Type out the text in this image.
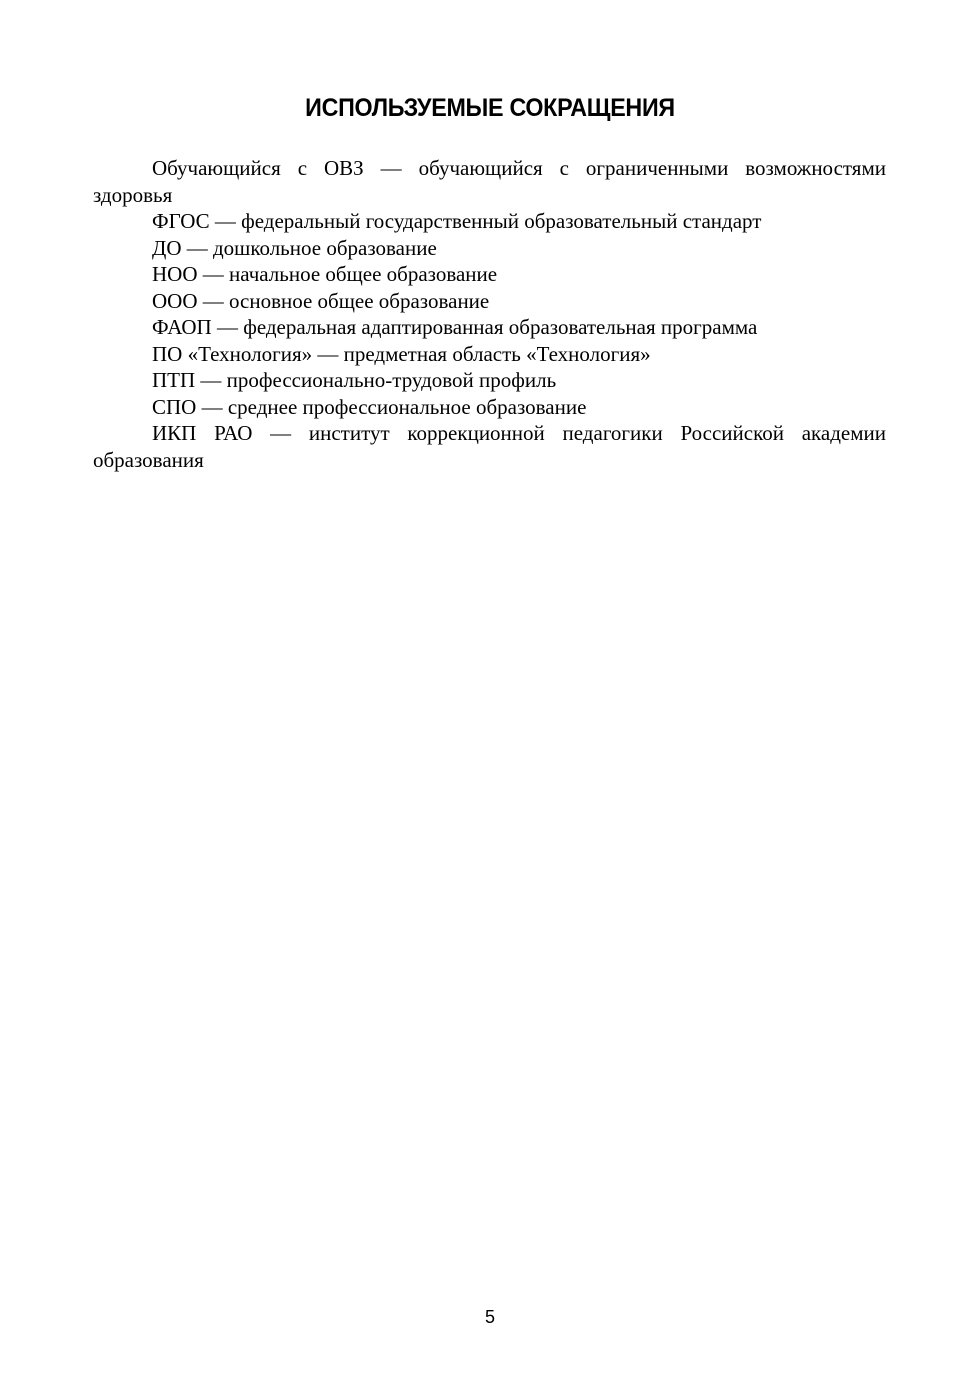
ИСПОЛЬЗУЕМЫЕ СОКРАЩЕНИЯ

Обучающийся с ОВЗ — обучающийся с ограниченными возможностями здоровья

ФГОС — федеральный государственный образовательный стандарт

ДО — дошкольное образование

НОО — начальное общее образование

ООО — основное общее образование

ФАОП — федеральная адаптированная образовательная программа

ПО «Технология» — предметная область «Технология»

ПТП — профессионально-трудовой профиль

СПО — среднее профессиональное образование

ИКП РАО — институт коррекционной педагогики Российской академии образования

5
